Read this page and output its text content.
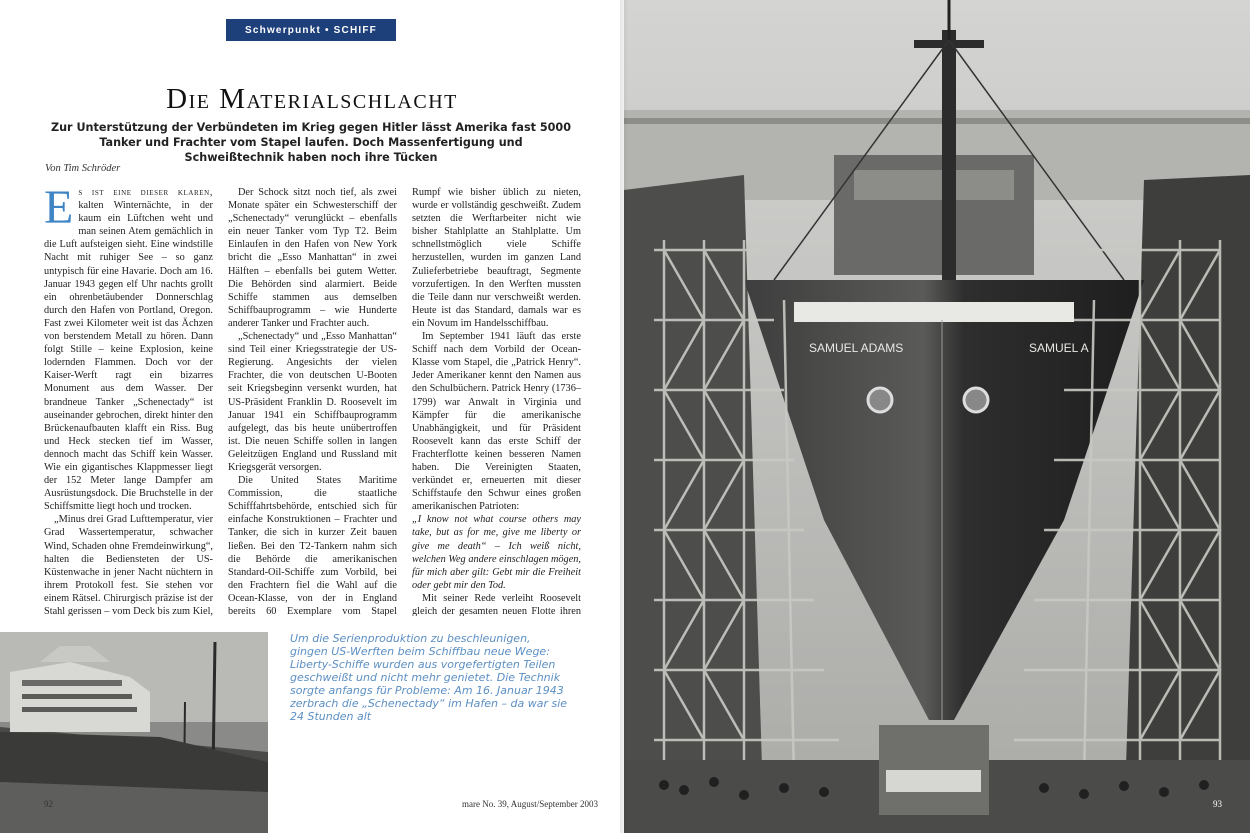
Schwerpunkt • SCHIFF
Die Materialschlacht
Zur Unterstützung der Verbündeten im Krieg gegen Hitler lässt Amerika fast 5000 Tanker und Frachter vom Stapel laufen. Doch Massenfertigung und Schweißtechnik haben noch ihre Tücken
Von Tim Schröder

Es ist eine dieser klaren, kalten Winternächte, in der kaum ein Lüftchen weht und man seinen Atem gemächlich in die Luft aufsteigen sieht. Eine windstille Nacht mit ruhiger See – so ganz untypisch für eine Havarie. Doch am 16. Januar 1943 gegen elf Uhr nachts grollt ein ohrenbetäubender Donnerschlag durch den Hafen von Portland, Oregon. Fast zwei Kilometer weit ist das Ächzen von berstendem Metall zu hören. Dann folgt Stille – keine Explosion, keine lodernden Flammen. Doch vor der Kaiser-Werft ragt ein bizarres Monument aus dem Wasser. Der brandneue Tanker „Schenectady“ ist auseinander gebrochen, direkt hinter den Brückenaufbauten klafft ein Riss. Bug und Heck stecken tief im Wasser, dennoch macht das Schiff kein Wasser. Wie ein gigantisches Klappmesser liegt der 152 Meter lange Dampfer am Ausrüstungsdock. Die Bruchstelle in der Schiffsmitte liegt hoch und trocken.

„Minus drei Grad Lufttemperatur, vier Grad Wassertemperatur, schwacher Wind, Schaden ohne Fremdeinwirkung“, halten die Bediensteten der US-Küstenwache in jener Nacht nüchtern in ihrem Protokoll fest. Sie stehen vor einem Rätsel. Chirurgisch präzise ist der Stahl gerissen – vom Deck bis zum Kiel,

Der Schock sitzt noch tief, als zwei Monate später ein Schwesterschiff der „Schenectady“ verunglückt – ebenfalls ein neuer Tanker vom Typ T2. Beim Einlaufen in den Hafen von New York bricht die „Esso Manhattan“ in zwei Hälften – ebenfalls bei gutem Wetter. Die Behörden sind alarmiert. Beide Schiffe stammen aus demselben Schiffbauprogramm – wie Hunderte anderer Tanker und Frachter auch.

„Schenectady“ und „Esso Manhattan“ sind Teil einer Kriegsstrategie der US-Regierung. Angesichts der vielen Frachter, die von deutschen U-Booten seit Kriegsbeginn versenkt wurden, hat US-Präsident Franklin D. Roosevelt im Januar 1941 ein Schiffbauprogramm aufgelegt, das bis heute unübertroffen ist. Die neuen Schiffe sollen in langen Geleitzügen England und Russland mit Kriegsgerät versorgen.

Die United States Maritime Commission, die staatliche Schifffahrtsbehörde, entschied sich für einfache Konstruktionen – Frachter und Tanker, die sich in kurzer Zeit bauen ließen. Bei den T2-Tankern nahm sich die Behörde die amerikanischen Standard-Oil-Schiffe zum Vorbild, bei den Frachtern fiel die Wahl auf die Ocean-Klasse, von der in England bereits 60 Exemplare vom Stapel

Rumpf wie bisher üblich zu nieten, wurde er vollständig geschweißt. Zudem setzten die Werftarbeiter nicht wie bisher Stahlplatte an Stahlplatte. Um schnellstmöglich viele Schiffe herzustellen, wurden im ganzen Land Zulieferbetriebe beauftragt, Segmente vorzufertigen. In den Werften mussten die Teile dann nur verschweißt werden. Heute ist das Standard, damals war es ein Novum im Handelsschiffbau.

Im September 1941 läuft das erste Schiff nach dem Vorbild der Ocean-Klasse vom Stapel, die „Patrick Henry“. Jeder Amerikaner kennt den Namen aus den Schulbüchern. Patrick Henry (1736–1799) war Anwalt in Virginia und Kämpfer für die amerikanische Unabhängigkeit, und für Präsident Roosevelt kann das erste Schiff der Frachterflotte keinen besseren Namen haben. Die Vereinigten Staaten, verkündet er, erneuerten mit dieser Schiffstaufe den Schwur eines großen amerikanischen Patrioten:

„I know not what course others may take, but as for me, give me liberty or give me death“ – Ich weiß nicht, welchen Weg andere einschlagen mögen, für mich aber gilt: Gebt mir die Freiheit oder gebt mir den Tod.

Mit seiner Rede verleiht Roosevelt gleich der gesamten neuen Flotte ihren

Um die Serienproduktion zu beschleunigen, gingen US-Werften beim Schiffbau neue Wege: Liberty-Schiffe wurden aus vorgefertigten Teilen geschweißt und nicht mehr genietet. Die Technik sorgte anfangs für Probleme: Am 16. Januar 1943 zerbrach die „Schenectady“ im Hafen – da war sie 24 Stunden alt
92	mare No. 39, August/September 2003
SAMUEL ADAMS	SAMUEL A
93
